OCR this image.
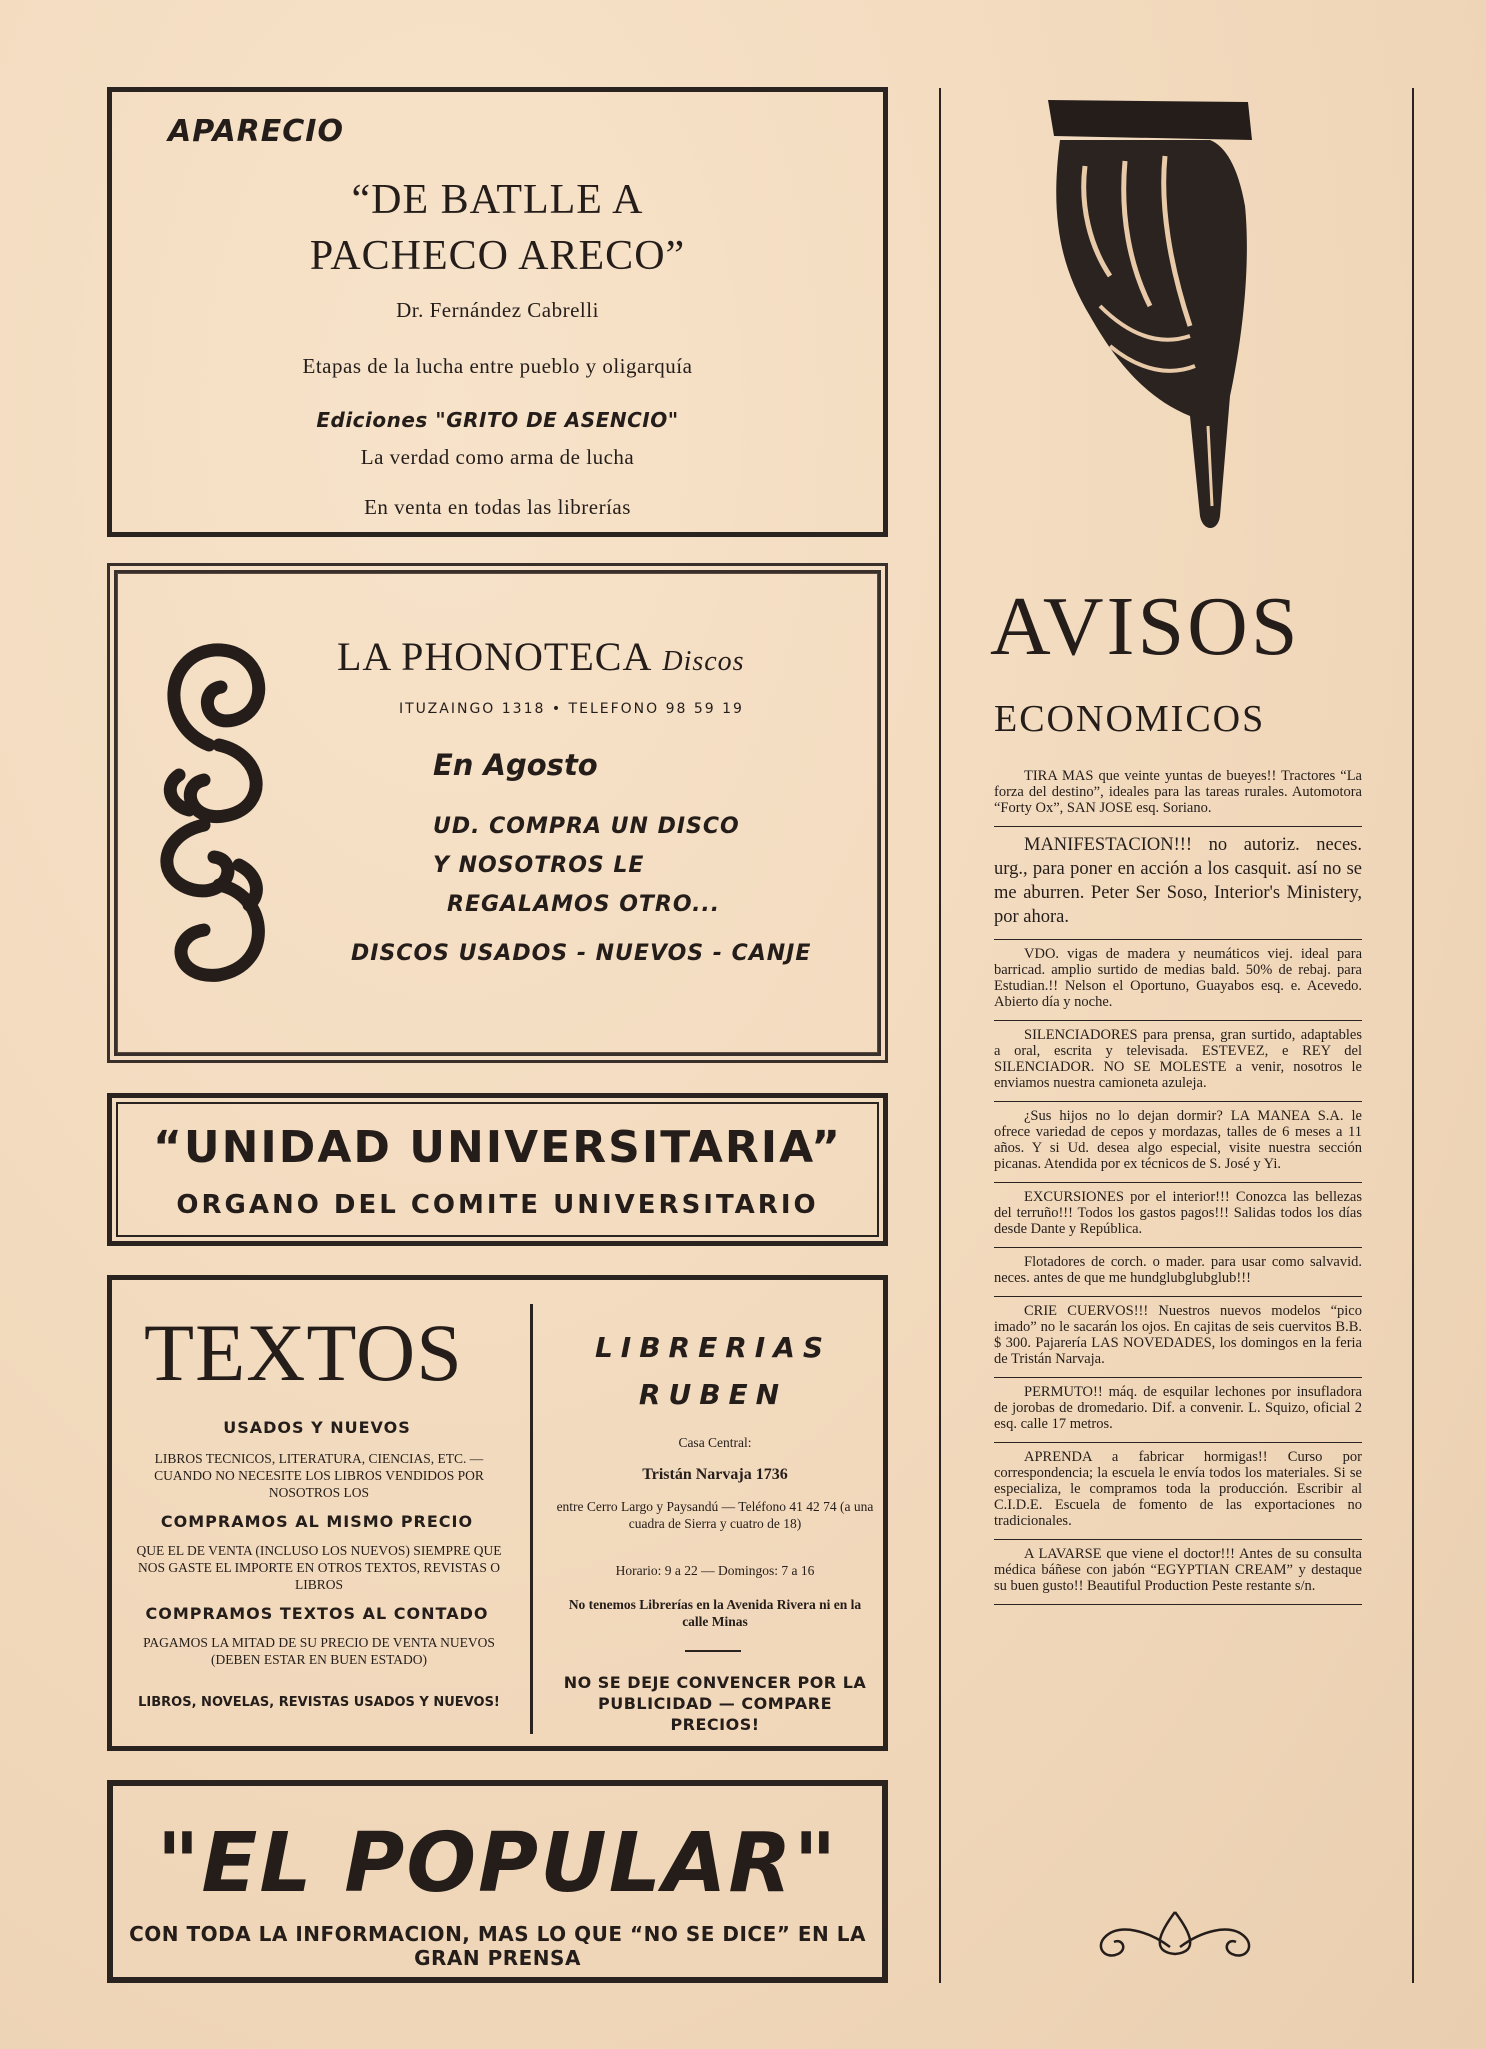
APARECIO
“DE BATLLE A
PACHECO ARECO”
Dr. Fernández Cabrelli
Etapas de la lucha entre pueblo y oligarquía
Ediciones "GRITO DE ASENCIO"
La verdad como arma de lucha
En venta en todas las librerías
LA PHONOTECA Discos
ITUZAINGO 1318 • TELEFONO 98 59 19
En Agosto
UD. COMPRA UN DISCO
Y NOSOTROS LE
REGALAMOS OTRO...
DISCOS USADOS - NUEVOS - CANJE
“UNIDAD UNIVERSITARIA”
ORGANO DEL COMITE UNIVERSITARIO
TEXTOS
USADOS Y NUEVOS
LIBROS TECNICOS, LITERATURA, CIENCIAS, ETC. — CUANDO NO NECESITE LOS LIBROS VENDIDOS POR NOSOTROS LOS
COMPRAMOS AL MISMO PRECIO
QUE EL DE VENTA (INCLUSO LOS NUEVOS) SIEMPRE QUE NOS GASTE EL IMPORTE EN OTROS TEXTOS, REVISTAS O LIBROS
COMPRAMOS TEXTOS AL CONTADO
PAGAMOS LA MITAD DE SU PRECIO DE VENTA NUEVOS (DEBEN ESTAR EN BUEN ESTADO)
LIBROS, NOVELAS, REVISTAS USADOS Y NUEVOS!
LIBRERIAS
RUBEN
Casa Central:
Tristán Narvaja 1736
entre Cerro Largo y Paysandú — Teléfono 41 42 74 (a una cuadra de Sierra y cuatro de 18)
Horario: 9 a 22 — Domingos: 7 a 16
No tenemos Librerías en la Avenida Rivera ni en la calle Minas
NO SE DEJE CONVENCER POR LA PUBLICIDAD — COMPARE PRECIOS!
"EL POPULAR"
CON TODA LA INFORMACION, MAS LO QUE “NO SE DICE” EN LA GRAN PRENSA
AVISOS
ECONOMICOS
TIRA MAS que veinte yuntas de bueyes!! Tractores “La forza del destino”, ideales para las tareas rurales. Automotora “Forty Ox”, SAN JOSE esq. Soriano.
MANIFESTACION!!! no autoriz. neces. urg., para poner en acción a los casquit. así no se me aburren. Peter Ser Soso, Interior's Ministery, por ahora.
VDO. vigas de madera y neumáticos viej. ideal para barricad. amplio surtido de medias bald. 50% de rebaj. para Estudian.!! Nelson el Oportuno, Guayabos esq. e. Acevedo. Abierto día y noche.
SILENCIADORES para prensa, gran surtido, adaptables a oral, escrita y televisada. ESTEVEZ, e REY del SILENCIADOR. NO SE MOLESTE a venir, nosotros le enviamos nuestra camioneta azuleja.
¿Sus hijos no lo dejan dormir? LA MANEA S.A. le ofrece variedad de cepos y mordazas, talles de 6 meses a 11 años. Y si Ud. desea algo especial, visite nuestra sección picanas. Atendida por ex técnicos de S. José y Yi.
EXCURSIONES por el interior!!! Conozca las bellezas del terruño!!! Todos los gastos pagos!!! Salidas todos los días desde Dante y República.
Flotadores de corch. o mader. para usar como salvavid. neces. antes de que me hundglubglubglub!!!
CRIE CUERVOS!!! Nuestros nuevos modelos “pico imado” no le sacarán los ojos. En cajitas de seis cuervitos B.B. $ 300. Pajarería LAS NOVEDADES, los domingos en la feria de Tristán Narvaja.
PERMUTO!! máq. de esquilar lechones por insufladora de jorobas de dromedario. Dif. a convenir. L. Squizo, oficial 2 esq. calle 17 metros.
APRENDA a fabricar hormigas!! Curso por correspondencia; la escuela le envía todos los materiales. Si se especializa, le compramos toda la producción. Escribir al C.I.D.E. Escuela de fomento de las exportaciones no tradicionales.
A LAVARSE que viene el doctor!!! Antes de su consulta médica báñese con jabón “EGYPTIAN CREAM” y destaque su buen gusto!! Beautiful Production Peste restante s/n.
